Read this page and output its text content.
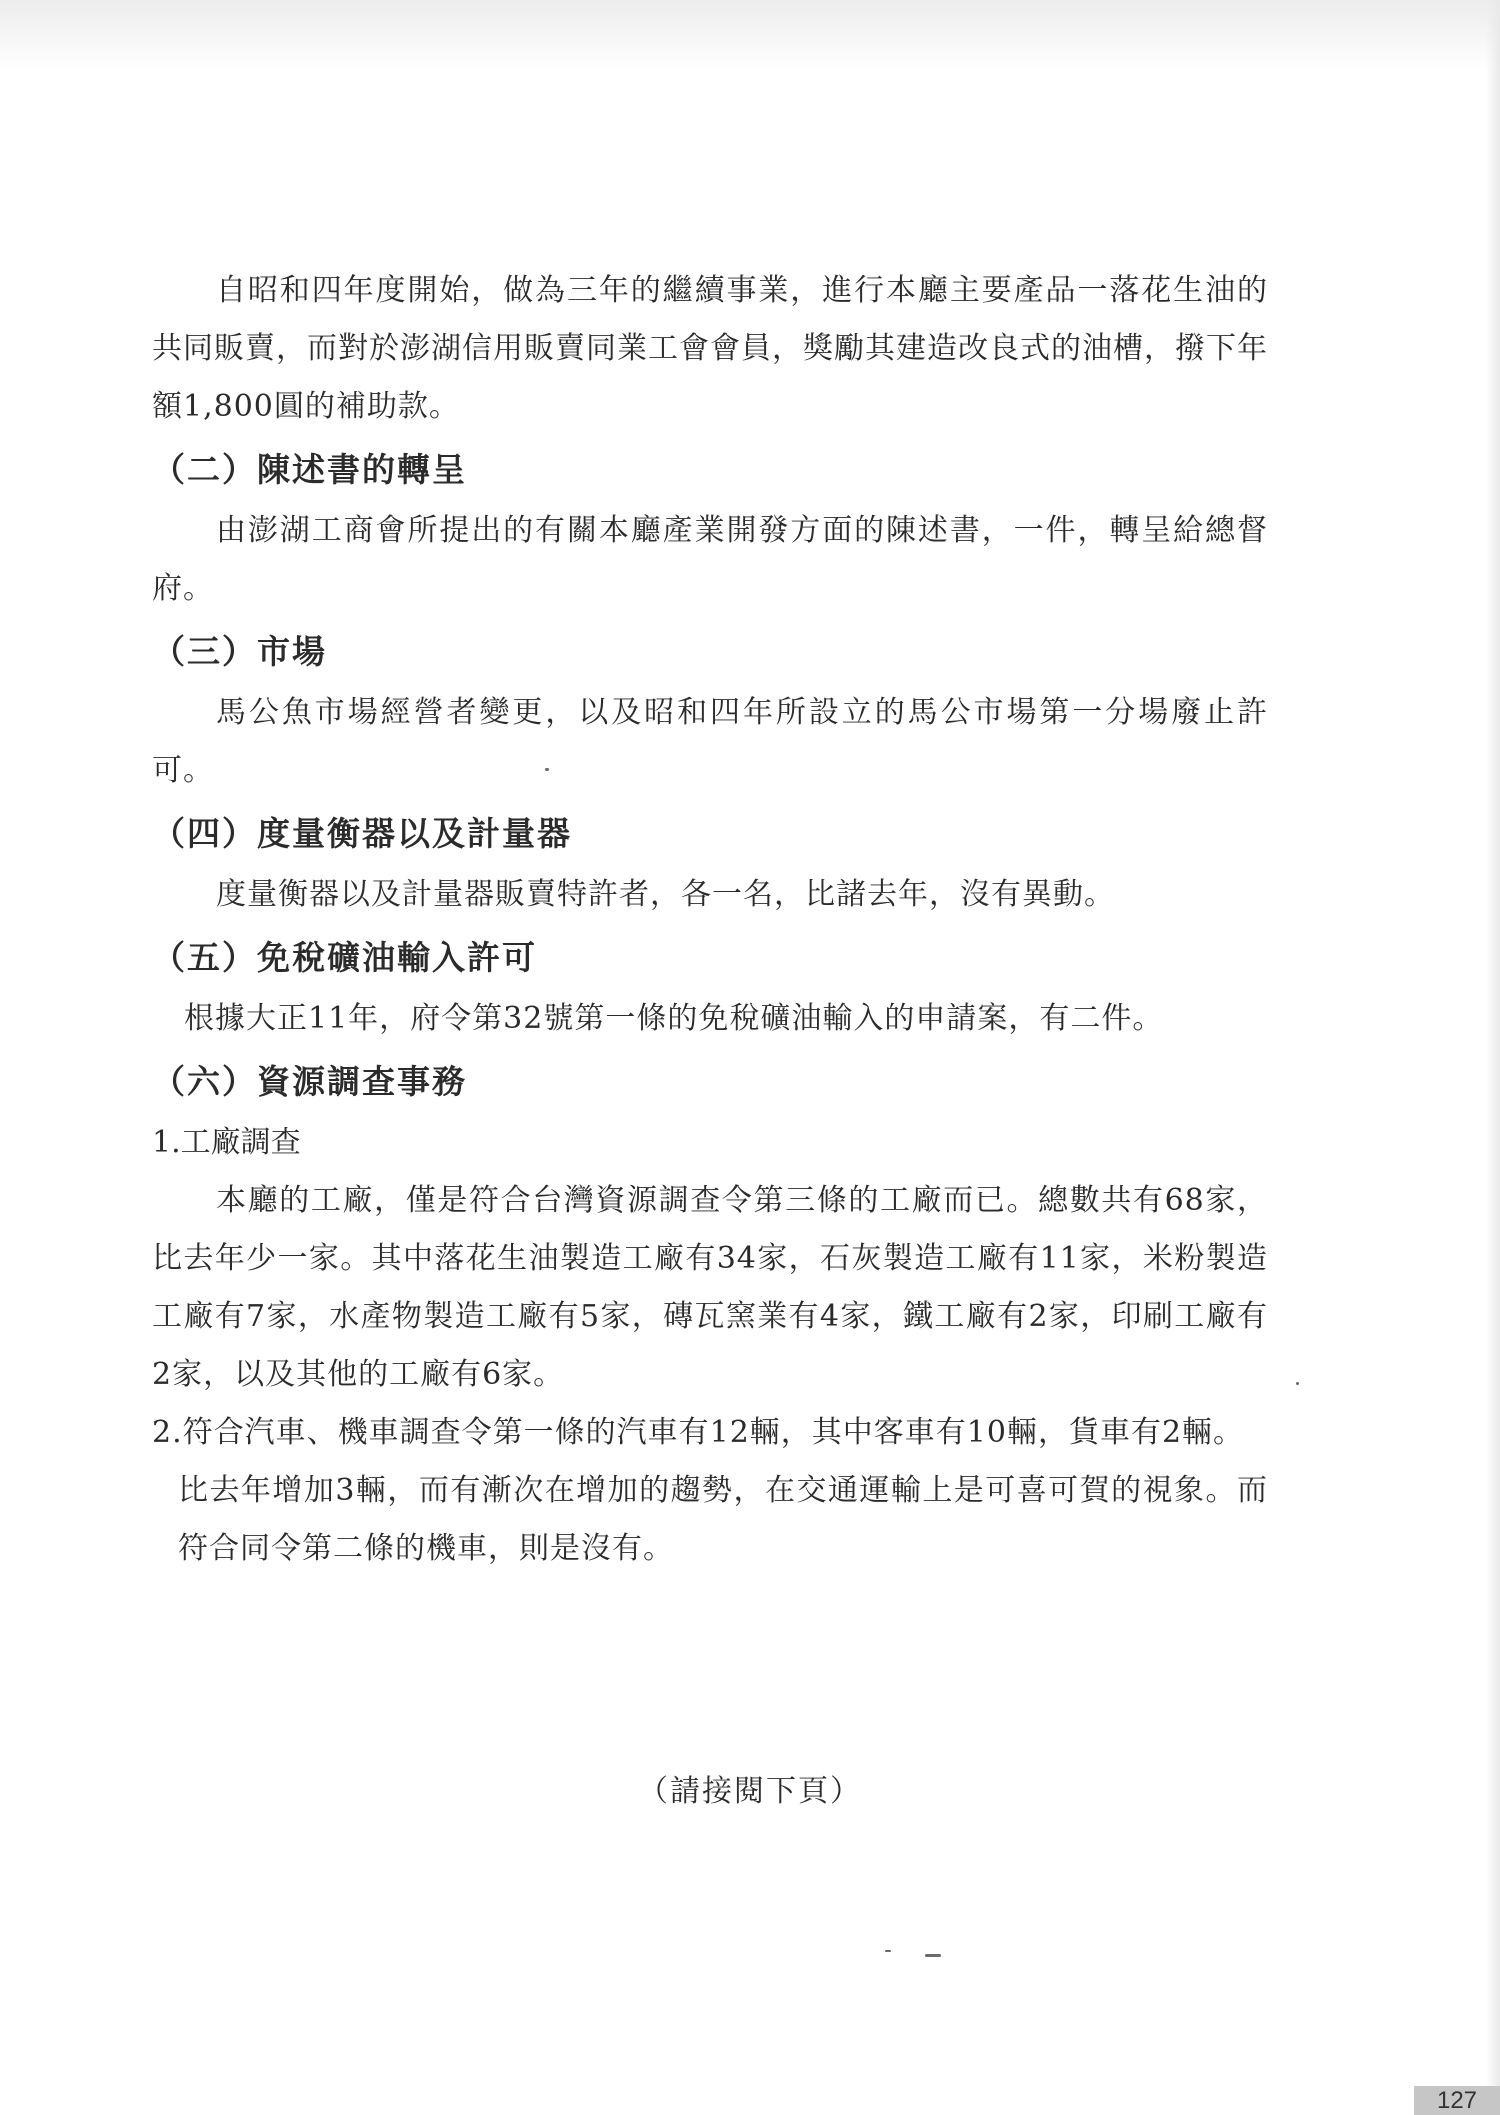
自昭和四年度開始，做為三年的繼續事業，進行本廳主要產品一落花生油的共同販賣，而對於澎湖信用販賣同業工會會員，獎勵其建造改良式的油槽，撥下年額1,800圓的補助款。

（二）陳述書的轉呈

由澎湖工商會所提出的有關本廳產業開發方面的陳述書，一件，轉呈給總督府。

（三）市場

馬公魚市場經營者變更，以及昭和四年所設立的馬公市場第一分場廢止許可。

（四）度量衡器以及計量器

度量衡器以及計量器販賣特許者，各一名，比諸去年，沒有異動。

（五）免稅礦油輸入許可

根據大正11年，府令第32號第一條的免稅礦油輸入的申請案，有二件。

（六）資源調查事務

1.工廠調查

本廳的工廠，僅是符合台灣資源調查令第三條的工廠而已。總數共有68家，比去年少一家。其中落花生油製造工廠有34家，石灰製造工廠有11家，米粉製造工廠有7家，水產物製造工廠有5家，磚瓦窯業有4家，鐵工廠有2家，印刷工廠有2家，以及其他的工廠有6家。

2.符合汽車、機車調查令第一條的汽車有12輛，其中客車有10輛，貨車有2輛。

比去年增加3輛，而有漸次在增加的趨勢，在交通運輸上是可喜可賀的視象。而符合同令第二條的機車，則是沒有。

（請接閱下頁）
127
